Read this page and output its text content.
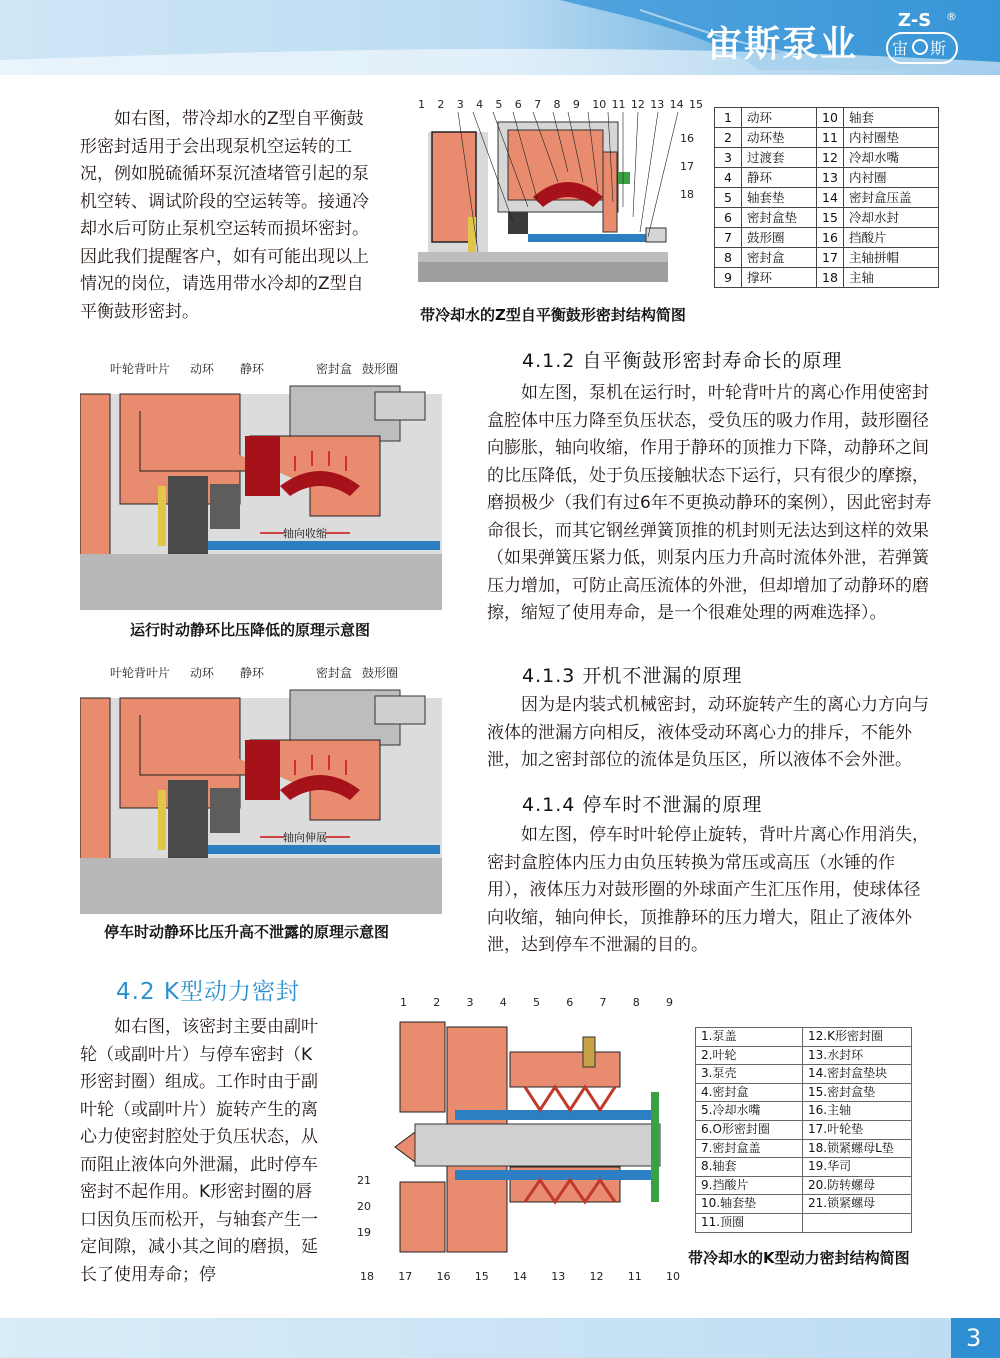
宙斯泵业
Z-S ®
宙 斯

如右图，带冷却水的Z型自平衡鼓形密封适用于会出现泵机空运转的工况，例如脱硫循环泵沉渣堵管引起的泵机空转、调试阶段的空运转等。接通冷却水后可防止泵机空运转而损坏密封。因此我们提醒客户，如有可能出现以上情况的岗位，请选用带水冷却的Z型自平衡鼓形密封。

1 2 3 4 5 6 7 8 9 10 11 12 13 14 15
16
17
18
带冷却水的Z型自平衡鼓形密封结构简图
1	动环	10	轴套
2	动环垫	11	内衬圈垫
3	过渡套	12	冷却水嘴
4	静环	13	内衬圈
5	轴套垫	14	密封盒压盖
6	密封盒垫	15	冷却水封
7	鼓形圈	16	挡酸片
8	密封盒	17	主轴拼帽
9	撑环	18	主轴
叶轮背叶片 动环 静环	密封盒 鼓形圈
轴向收缩
运行时动静环比压降低的原理示意图
叶轮背叶片 动环 静环	密封盒 鼓形圈
轴向伸展
停车时动静环比压升高不泄露的原理示意图
4.1.2 自平衡鼓形密封寿命长的原理

如左图，泵机在运行时，叶轮背叶片的离心作用使密封盒腔体中压力降至负压状态，受负压的吸力作用，鼓形圈径向膨胀，轴向收缩，作用于静环的顶推力下降，动静环之间的比压降低，处于负压接触状态下运行，只有很少的摩擦，磨损极少（我们有过6年不更换动静环的案例），因此密封寿命很长，而其它钢丝弹簧顶推的机封则无法达到这样的效果（如果弹簧压紧力低，则泵内压力升高时流体外泄，若弹簧压力增加，可防止高压流体的外泄，但却增加了动静环的磨擦，缩短了使用寿命，是一个很难处理的两难选择）。

4.1.3 开机不泄漏的原理

因为是内装式机械密封，动环旋转产生的离心力方向与液体的泄漏方向相反，液体受动环离心力的排斥，不能外泄，加之密封部位的流体是负压区，所以液体不会外泄。

4.1.4 停车时不泄漏的原理

如左图，停车时叶轮停止旋转，背叶片离心作用消失，密封盒腔体内压力由负压转换为常压或高压（水锤的作用），液体压力对鼓形圈的外球面产生汇压作用，使球体径向收缩，轴向伸长，顶推静环的压力增大，阻止了液体外泄，达到停车不泄漏的目的。

4.2 K型动力密封

如右图，该密封主要由副叶轮（或副叶片）与停车密封（K形密封圈）组成。工作时由于副叶轮（或副叶片）旋转产生的离心力使密封腔处于负压状态，从而阻止液体向外泄漏，此时停车密封不起作用。K形密封圈的唇口因负压而松开，与轴套产生一定间隙，减小其之间的磨损，延长了使用寿命；停

1 2 3 4 5 6 7 8 9
21
20
19
18 17 16 15 14 13 12 11 10
1.泵盖	12.K形密封圈
2.叶轮	13.水封环
3.泵壳	14.密封盒垫块
4.密封盒	15.密封盒垫
5.冷却水嘴	16.主轴
6.O形密封圈	17.叶轮垫
7.密封盒盖	18.锁紧螺母L垫
8.轴套	19.华司
9.挡酸片	20.防转螺母
10.轴套垫	21.锁紧螺母
11.顶圈	
带冷却水的K型动力密封结构简图
3
